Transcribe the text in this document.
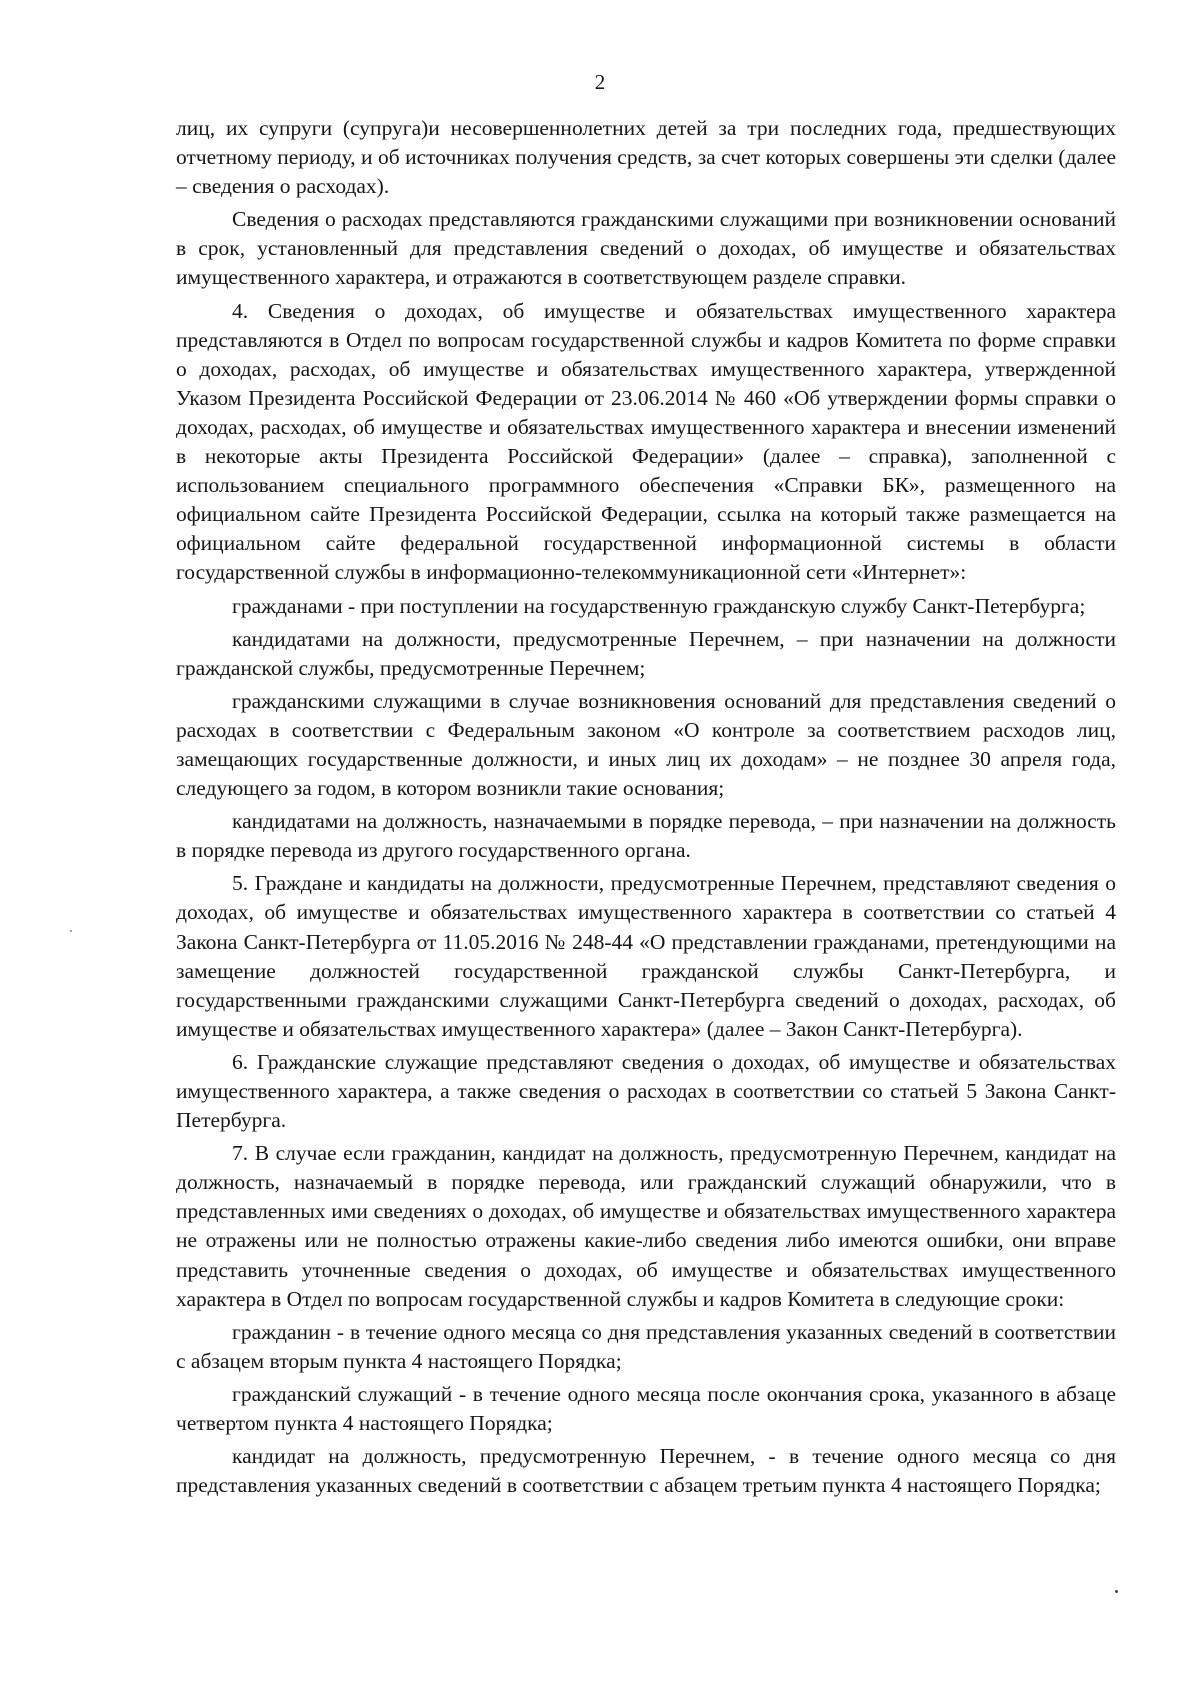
2

лиц, их супруги (супруга)и несовершеннолетних детей за три последних года, предшествующих отчетному периоду, и об источниках получения средств, за счет которых совершены эти сделки (далее – сведения о расходах).

Сведения о расходах представляются гражданскими служащими при возникновении оснований в срок, установленный для представления сведений о доходах, об имуществе и обязательствах имущественного характера, и отражаются в соответствующем разделе справки.

4. Сведения о доходах, об имуществе и обязательствах имущественного характера представляются в Отдел по вопросам государственной службы и кадров Комитета по форме справки о доходах, расходах, об имуществе и обязательствах имущественного характера, утвержденной Указом Президента Российской Федерации от 23.06.2014 № 460 «Об утверждении формы справки о доходах, расходах, об имуществе и обязательствах имущественного характера и внесении изменений в некоторые акты Президента Российской Федерации» (далее – справка), заполненной с использованием специального программного обеспечения «Справки БК», размещенного на официальном сайте Президента Российской Федерации, ссылка на который также размещается на официальном сайте федеральной государственной информационной системы в области государственной службы в информационно-телекоммуникационной сети «Интернет»:

гражданами - при поступлении на государственную гражданскую службу Санкт-Петербурга;

кандидатами на должности, предусмотренные Перечнем, – при назначении на должности гражданской службы, предусмотренные Перечнем;

гражданскими служащими в случае возникновения оснований для представления сведений о расходах в соответствии с Федеральным законом «О контроле за соответствием расходов лиц, замещающих государственные должности, и иных лиц их доходам» – не позднее 30 апреля года, следующего за годом, в котором возникли такие основания;

кандидатами на должность, назначаемыми в порядке перевода, – при назначении на должность в порядке перевода из другого государственного органа.

5. Граждане и кандидаты на должности, предусмотренные Перечнем, представляют сведения о доходах, об имуществе и обязательствах имущественного характера в соответствии со статьей 4 Закона Санкт-Петербурга от 11.05.2016 № 248-44 «О представлении гражданами, претендующими на замещение должностей государственной гражданской службы Санкт-Петербурга, и государственными гражданскими служащими Санкт-Петербурга сведений о доходах, расходах, об имуществе и обязательствах имущественного характера» (далее – Закон Санкт-Петербурга).

6. Гражданские служащие представляют сведения о доходах, об имуществе и обязательствах имущественного характера, а также сведения о расходах в соответствии со статьей 5 Закона Санкт-Петербурга.

7. В случае если гражданин, кандидат на должность, предусмотренную Перечнем, кандидат на должность, назначаемый в порядке перевода, или гражданский служащий обнаружили, что в представленных ими сведениях о доходах, об имуществе и обязательствах имущественного характера не отражены или не полностью отражены какие-либо сведения либо имеются ошибки, они вправе представить уточненные сведения о доходах, об имуществе и обязательствах имущественного характера в Отдел по вопросам государственной службы и кадров Комитета в следующие сроки:

гражданин - в течение одного месяца со дня представления указанных сведений в соответствии с абзацем вторым пункта 4 настоящего Порядка;

гражданский служащий - в течение одного месяца после окончания срока, указанного в абзаце четвертом пункта 4 настоящего Порядка;

кандидат на должность, предусмотренную Перечнем, - в течение одного месяца со дня представления указанных сведений в соответствии с абзацем третьим пункта 4 настоящего Порядка;
